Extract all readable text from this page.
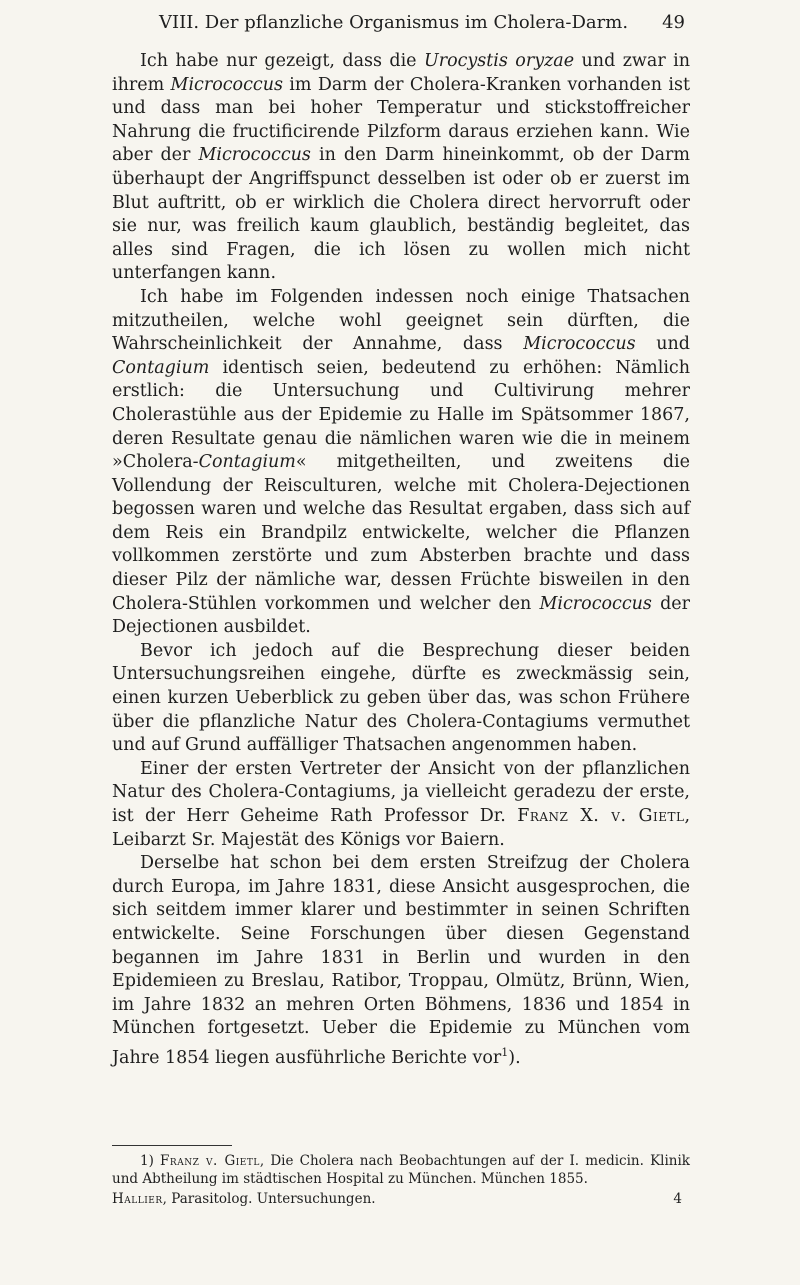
VIII. Der pflanzliche Organismus im Cholera-Darm.	49

Ich habe nur gezeigt, dass die Urocystis oryzae und zwar in ihrem Micrococcus im Darm der Cholera-Kranken vorhanden ist und dass man bei hoher Temperatur und stickstoffreicher Nahrung die fructificirende Pilzform daraus erziehen kann. Wie aber der Micrococcus in den Darm hineinkommt, ob der Darm überhaupt der Angriffspunct desselben ist oder ob er zuerst im Blut auftritt, ob er wirklich die Cholera direct hervorruft oder sie nur, was freilich kaum glaublich, beständig begleitet, das alles sind Fragen, die ich lösen zu wollen mich nicht unterfangen kann.

Ich habe im Folgenden indessen noch einige Thatsachen mitzutheilen, welche wohl geeignet sein dürften, die Wahrscheinlichkeit der Annahme, dass Micrococcus und Contagium identisch seien, bedeutend zu erhöhen: Nämlich erstlich: die Untersuchung und Cultivirung mehrer Cholerastühle aus der Epidemie zu Halle im Spätsommer 1867, deren Resultate genau die nämlichen waren wie die in meinem »Cholera-Contagium« mitgetheilten, und zweitens die Vollendung der Reisculturen, welche mit Cholera-Dejectionen begossen waren und welche das Resultat ergaben, dass sich auf dem Reis ein Brandpilz entwickelte, welcher die Pflanzen vollkommen zerstörte und zum Absterben brachte und dass dieser Pilz der nämliche war, dessen Früchte bisweilen in den Cholera-Stühlen vorkommen und welcher den Micrococcus der Dejectionen ausbildet.

Bevor ich jedoch auf die Besprechung dieser beiden Untersuchungsreihen eingehe, dürfte es zweckmässig sein, einen kurzen Ueberblick zu geben über das, was schon Frühere über die pflanzliche Natur des Cholera-Contagiums vermuthet und auf Grund auffälliger Thatsachen angenommen haben.

Einer der ersten Vertreter der Ansicht von der pflanzlichen Natur des Cholera-Contagiums, ja vielleicht geradezu der erste, ist der Herr Geheime Rath Professor Dr. Franz X. v. Gietl, Leibarzt Sr. Majestät des Königs vor Baiern.

Derselbe hat schon bei dem ersten Streifzug der Cholera durch Europa, im Jahre 1831, diese Ansicht ausgesprochen, die sich seitdem immer klarer und bestimmter in seinen Schriften entwickelte. Seine Forschungen über diesen Gegenstand begannen im Jahre 1831 in Berlin und wurden in den Epidemieen zu Breslau, Ratibor, Troppau, Olmütz, Brünn, Wien, im Jahre 1832 an mehren Orten Böhmens, 1836 und 1854 in München fortgesetzt. Ueber die Epidemie zu München vom Jahre 1854 liegen ausführliche Berichte vor$^1$).

1) Franz v. Gietl, Die Cholera nach Beobachtungen auf der I. medicin. Klinik und Abtheilung im städtischen Hospital zu München. München 1855.

Hallier, Parasitolog. Untersuchungen.	4
